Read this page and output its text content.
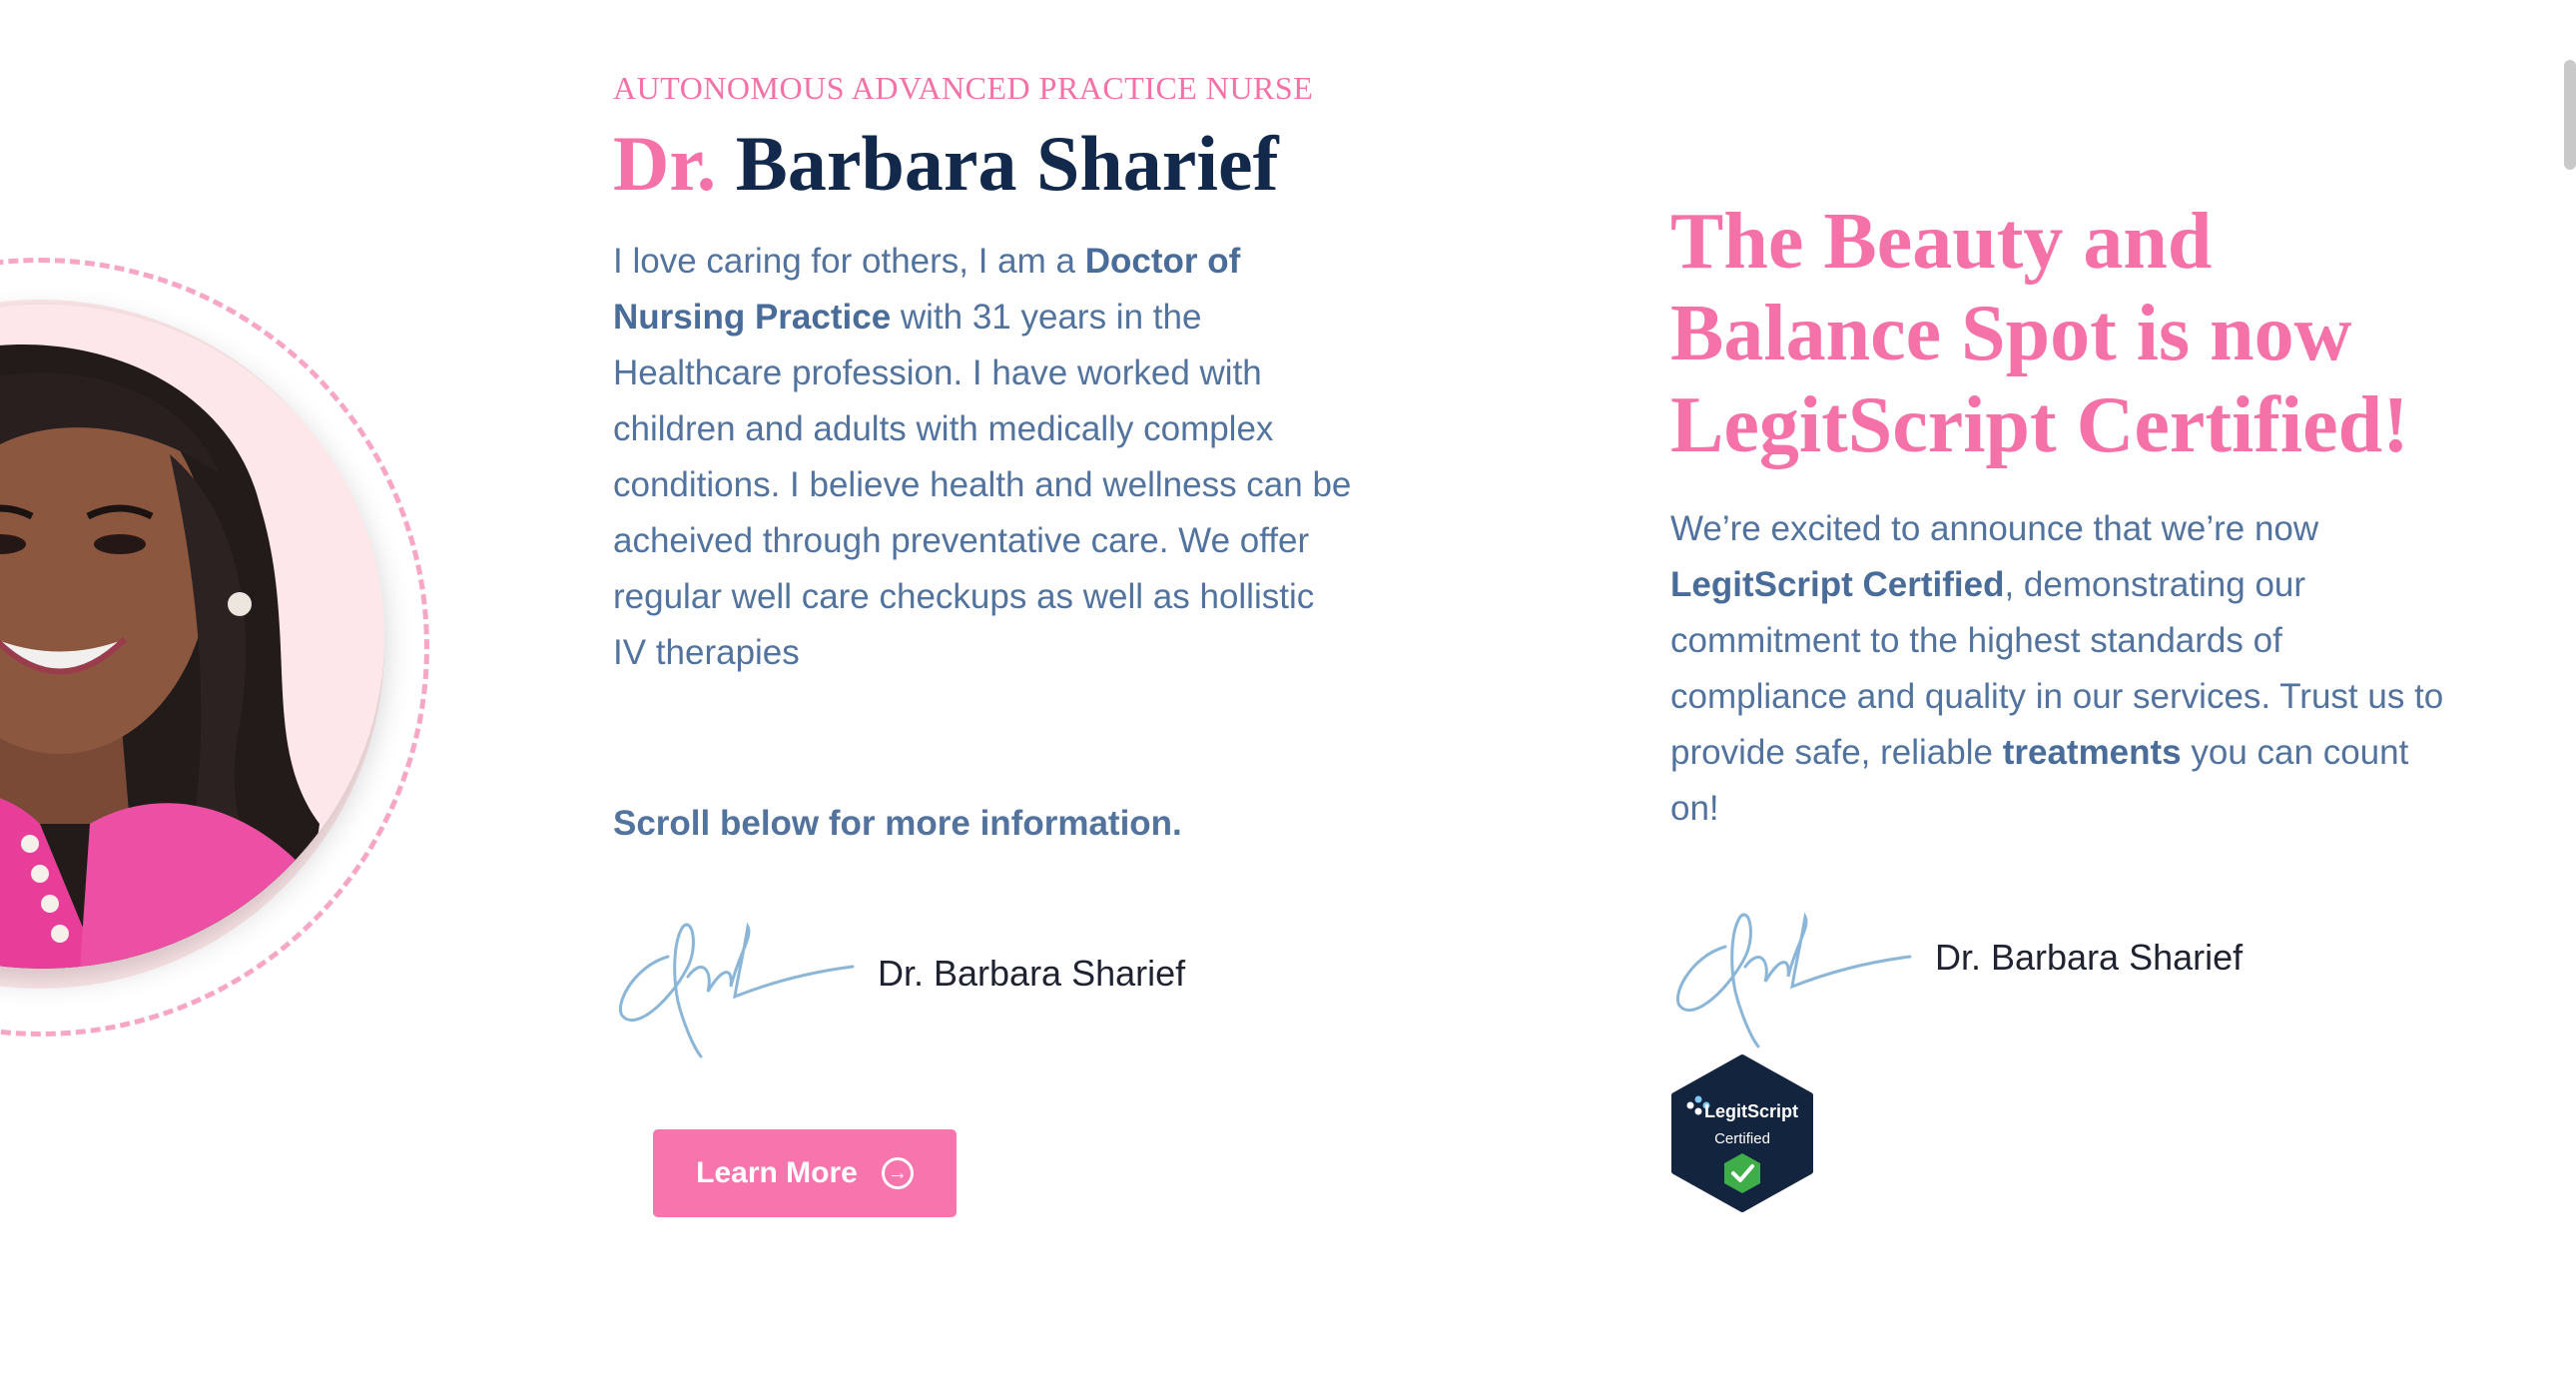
AUTONOMOUS ADVANCED PRACTICE NURSE
Dr. Barbara Sharief

I love caring for others, I am a Doctor of Nursing Practice with 31 years in the Healthcare profession. I have worked with children and adults with medically complex conditions. I believe health and wellness can be acheived through preventative care. We offer regular well care checkups as well as hollistic IV therapies

Scroll below for more information.

Dr. Barbara Sharief
Learn More	→
The Beauty and Balance Spot is now LegitScript Certified!

We’re excited to announce that we’re now LegitScript Certified, demonstrating our commitment to the highest standards of compliance and quality in our services. Trust us to provide safe, reliable treatments you can count on!

Dr. Barbara Sharief
LegitScript
Certified
